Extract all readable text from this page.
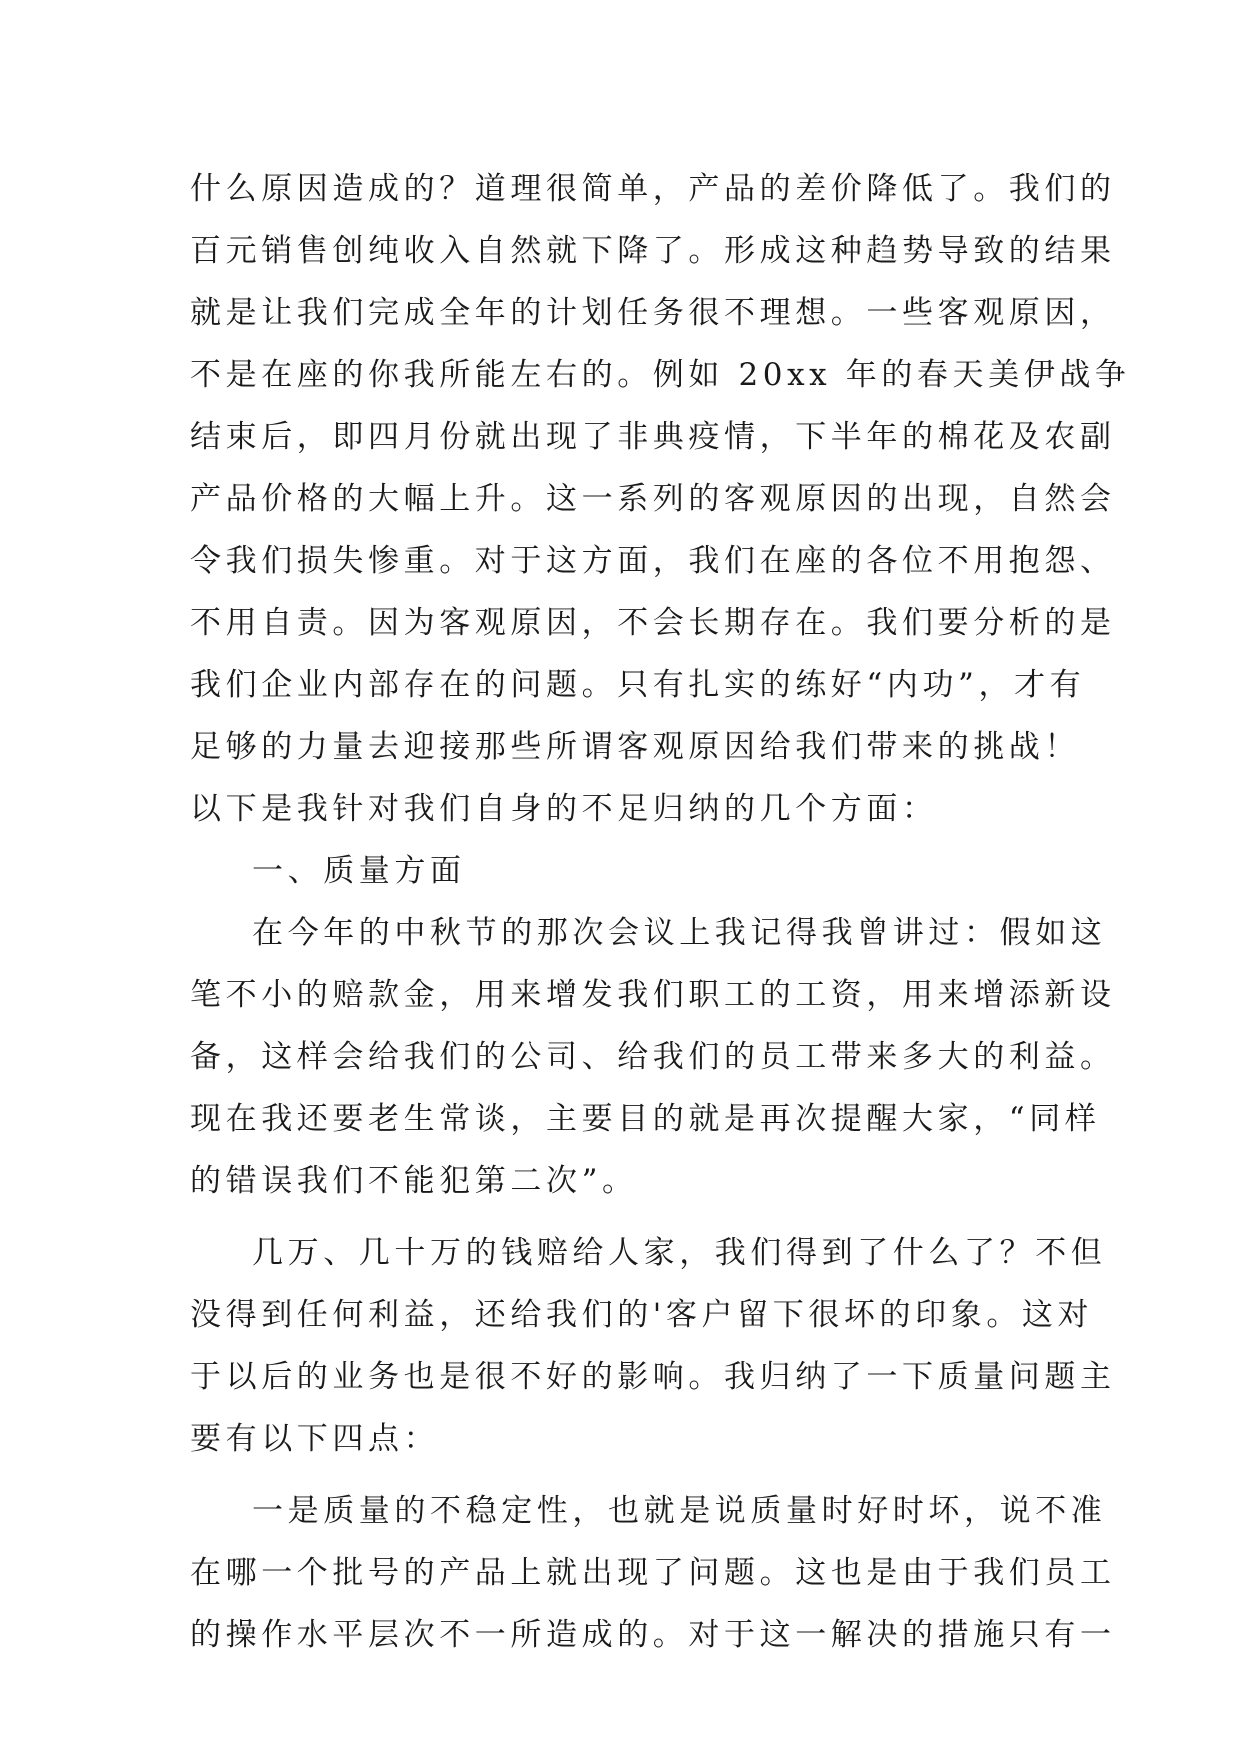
什么原因造成的？道理很简单，产品的差价降低了。我们的
百元销售创纯收入自然就下降了。形成这种趋势导致的结果
就是让我们完成全年的计划任务很不理想。一些客观原因，
不是在座的你我所能左右的。例如 20xx 年的春天美伊战争
结束后，即四月份就出现了非典疫情，下半年的棉花及农副
产品价格的大幅上升。这一系列的客观原因的出现，自然会
令我们损失惨重。对于这方面，我们在座的各位不用抱怨、
不用自责。因为客观原因，不会长期存在。我们要分析的是
我们企业内部存在的问题。只有扎实的练好“内功”，才有
足够的力量去迎接那些所谓客观原因给我们带来的挑战！
以下是我针对我们自身的不足归纳的几个方面：
一、质量方面
在今年的中秋节的那次会议上我记得我曾讲过：假如这
笔不小的赔款金，用来增发我们职工的工资，用来增添新设
备，这样会给我们的公司、给我们的员工带来多大的利益。
现在我还要老生常谈，主要目的就是再次提醒大家，“同样
的错误我们不能犯第二次”。
几万、几十万的钱赔给人家，我们得到了什么了？不但
没得到任何利益，还给我们的'客户留下很坏的印象。这对
于以后的业务也是很不好的影响。我归纳了一下质量问题主
要有以下四点：
一是质量的不稳定性，也就是说质量时好时坏，说不准
在哪一个批号的产品上就出现了问题。这也是由于我们员工
的操作水平层次不一所造成的。对于这一解决的措施只有一
